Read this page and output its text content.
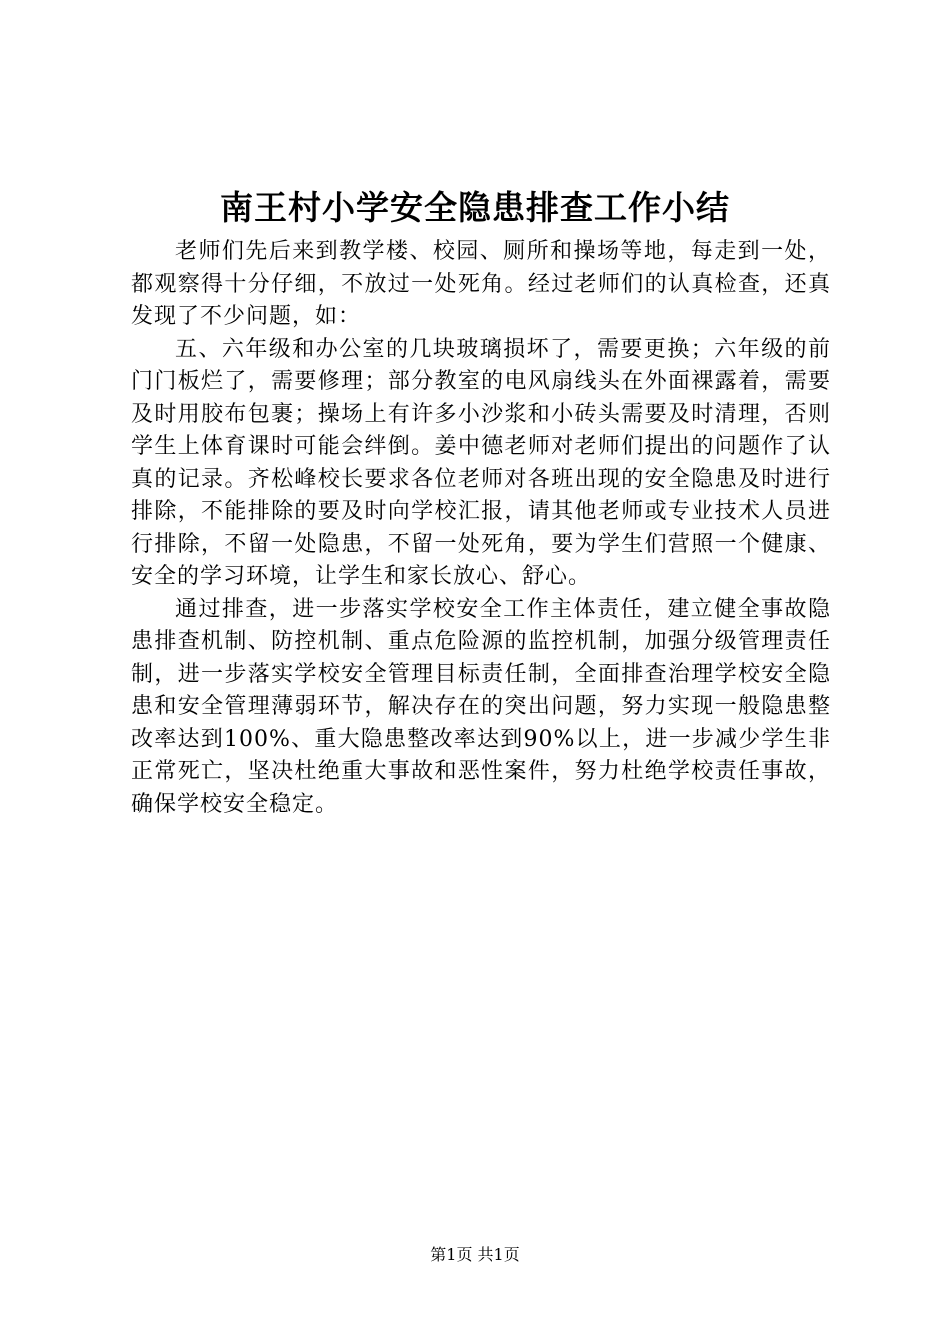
南王村小学安全隐患排查工作小结

老师们先后来到教学楼、校园、厕所和操场等地，每走到一处，都观察得十分仔细，不放过一处死角。经过老师们的认真检查，还真发现了不少问题，如：

五、六年级和办公室的几块玻璃损坏了，需要更换；六年级的前门门板烂了，需要修理；部分教室的电风扇线头在外面裸露着，需要及时用胶布包裹；操场上有许多小沙浆和小砖头需要及时清理，否则学生上体育课时可能会绊倒。姜中德老师对老师们提出的问题作了认真的记录。齐松峰校长要求各位老师对各班出现的安全隐患及时进行排除，不能排除的要及时向学校汇报，请其他老师或专业技术人员进行排除，不留一处隐患，不留一处死角，要为学生们营照一个健康、安全的学习环境，让学生和家长放心、舒心。

通过排查，进一步落实学校安全工作主体责任，建立健全事故隐患排查机制、防控机制、重点危险源的监控机制，加强分级管理责任制，进一步落实学校安全管理目标责任制，全面排查治理学校安全隐患和安全管理薄弱环节，解决存在的突出问题，努力实现一般隐患整改率达到100%、重大隐患整改率达到90%以上，进一步减少学生非正常死亡，坚决杜绝重大事故和恶性案件，努力杜绝学校责任事故，确保学校安全稳定。

第1页 共1页
